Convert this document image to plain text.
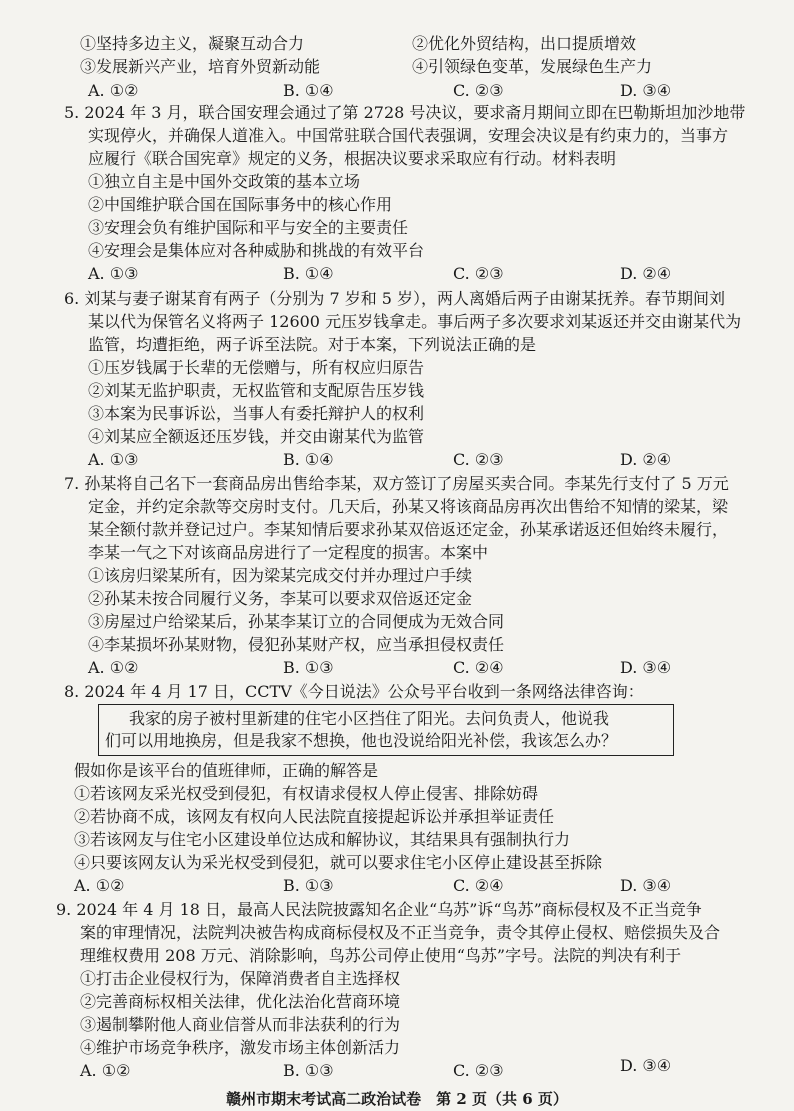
①坚持多边主义，凝聚互动合力	②优化外贸结构，出口提质增效
③发展新兴产业，培育外贸新动能	④引领绿色变革，发展绿色生产力
A. ①②	B. ①④	C. ②③	D. ③④
5. 2024 年 3 月，联合国安理会通过了第 2728 号决议，要求斋月期间立即在巴勒斯坦加沙地带
实现停火，并确保人道准入。中国常驻联合国代表强调，安理会决议是有约束力的，当事方
应履行《联合国宪章》规定的义务，根据决议要求采取应有行动。材料表明
①独立自主是中国外交政策的基本立场
②中国维护联合国在国际事务中的核心作用
③安理会负有维护国际和平与安全的主要责任
④安理会是集体应对各种威胁和挑战的有效平台
A. ①③	B. ①④	C. ②③	D. ②④
6. 刘某与妻子谢某育有两子（分别为 7 岁和 5 岁），两人离婚后两子由谢某抚养。春节期间刘
某以代为保管名义将两子 12600 元压岁钱拿走。事后两子多次要求刘某返还并交由谢某代为
监管，均遭拒绝，两子诉至法院。对于本案，下列说法正确的是
①压岁钱属于长辈的无偿赠与，所有权应归原告
②刘某无监护职责，无权监管和支配原告压岁钱
③本案为民事诉讼，当事人有委托辩护人的权利
④刘某应全额返还压岁钱，并交由谢某代为监管
A. ①③	B. ①④	C. ②③	D. ②④
7. 孙某将自己名下一套商品房出售给李某，双方签订了房屋买卖合同。李某先行支付了 5 万元
定金，并约定余款等交房时支付。几天后，孙某又将该商品房再次出售给不知情的梁某，梁
某全额付款并登记过户。李某知情后要求孙某双倍返还定金，孙某承诺返还但始终未履行，
李某一气之下对该商品房进行了一定程度的损害。本案中
①该房归梁某所有，因为梁某完成交付并办理过户手续
②孙某未按合同履行义务，李某可以要求双倍返还定金
③房屋过户给梁某后，孙某李某订立的合同便成为无效合同
④李某损坏孙某财物，侵犯孙某财产权，应当承担侵权责任
A. ①②	B. ①③	C. ②④	D. ③④
8. 2024 年 4 月 17 日，CCTV《今日说法》公众号平台收到一条网络法律咨询：
我家的房子被村里新建的住宅小区挡住了阳光。去问负责人，他说我
们可以用地换房，但是我家不想换，他也没说给阳光补偿，我该怎么办？
假如你是该平台的值班律师，正确的解答是
①若该网友采光权受到侵犯，有权请求侵权人停止侵害、排除妨碍
②若协商不成，该网友有权向人民法院直接提起诉讼并承担举证责任
③若该网友与住宅小区建设单位达成和解协议，其结果具有强制执行力
④只要该网友认为采光权受到侵犯，就可以要求住宅小区停止建设甚至拆除
A. ①②	B. ①③	C. ②④	D. ③④
9. 2024 年 4 月 18 日，最高人民法院披露知名企业“乌苏”诉“鸟苏”商标侵权及不正当竞争
案的审理情况，法院判决被告构成商标侵权及不正当竞争，责令其停止侵权、赔偿损失及合
理维权费用 208 万元、消除影响，鸟苏公司停止使用“鸟苏”字号。法院的判决有利于
①打击企业侵权行为，保障消费者自主选择权
②完善商标权相关法律，优化法治化营商环境
③遏制攀附他人商业信誉从而非法获利的行为
④维护市场竞争秩序，激发市场主体创新活力
A. ①②	B. ①③	C. ②③	D. ③④
赣州市期末考试高二政治试卷　第 2 页（共 6 页）
